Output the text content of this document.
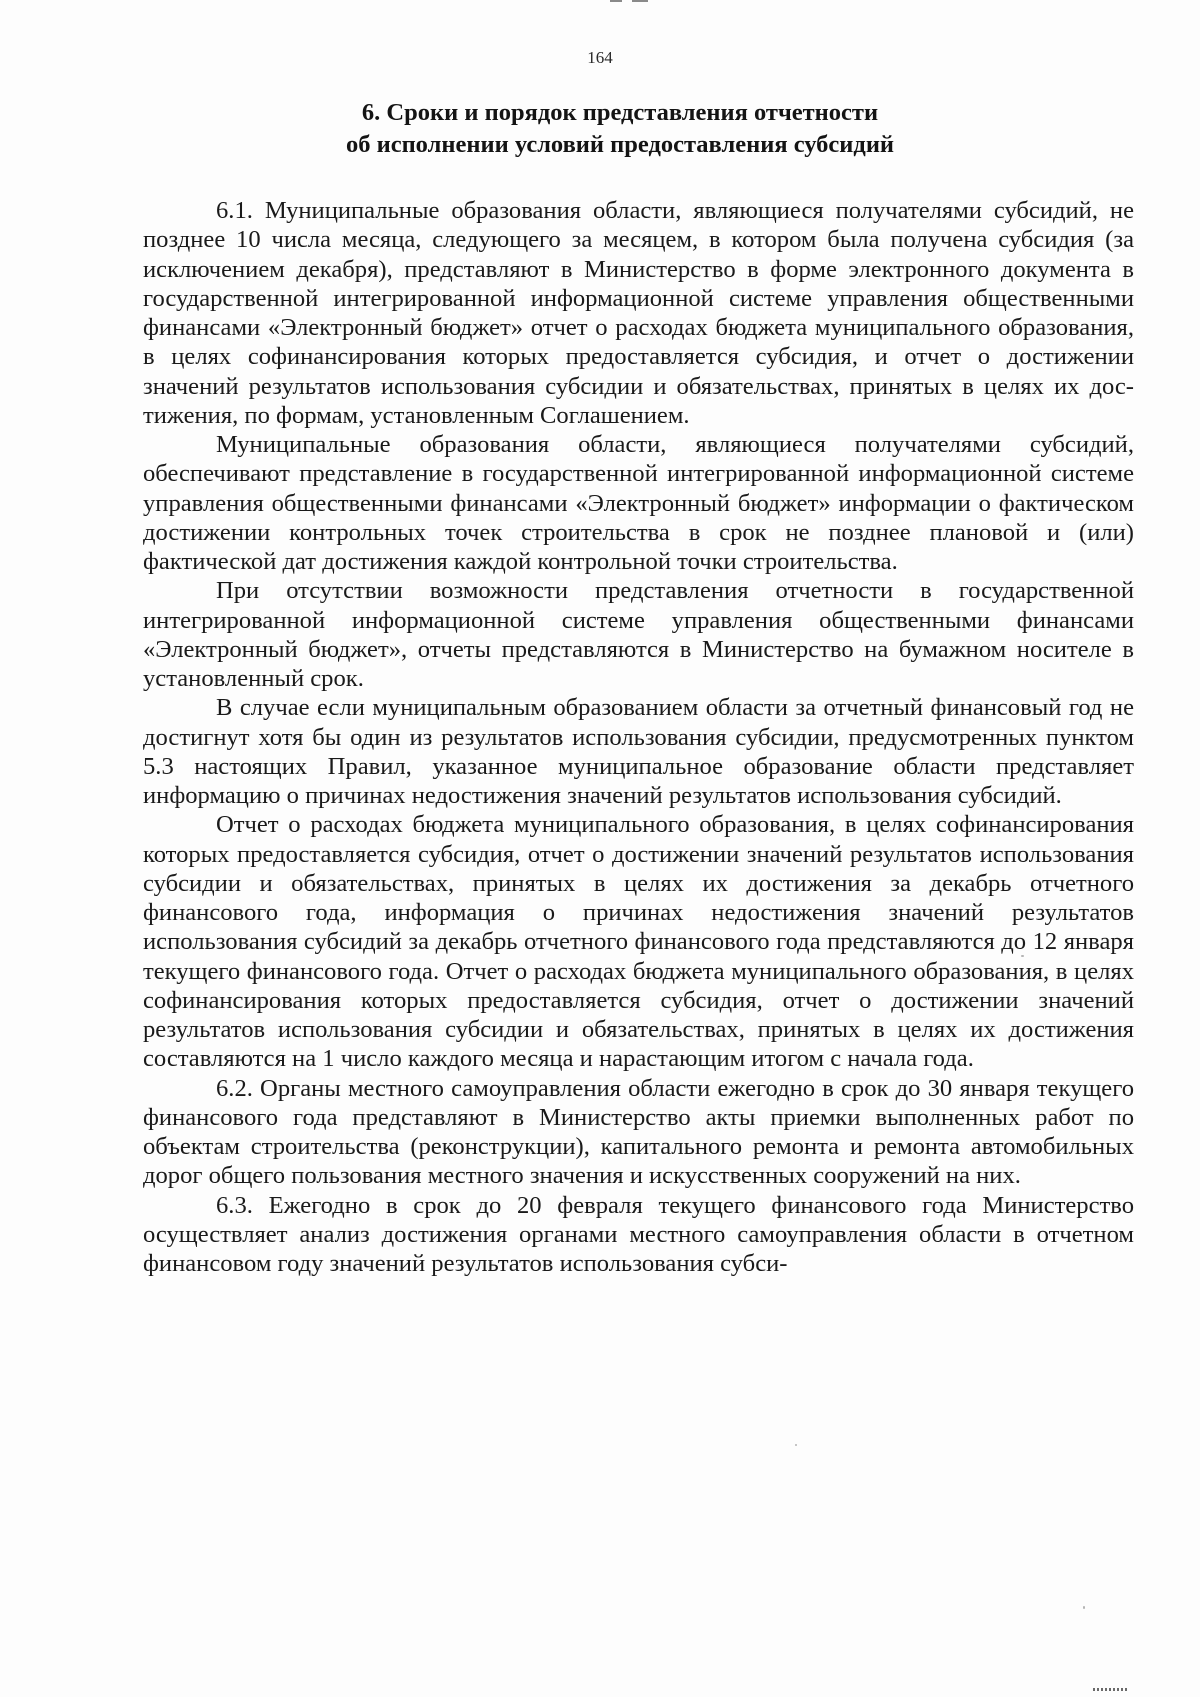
164
6. Сроки и порядок представления отчетности
об исполнении условий предоставления субсидий

6.1. Муниципальные образования области, являющиеся получателями субсидий, не позднее 10 числа месяца, следующего за месяцем, в котором была получена субсидия (за исключением декабря), представляют в Министерство в форме электронного документа в государственной интегрированной информационной системе управления общественными финансами «Электронный бюджет» отчет о расходах бюджета муниципального образования, в целях софинансирования которых предоставляется субсидия, и отчет о достижении значений результатов использования субсидии и обязательствах, принятых в целях их достижения, по формам, установленным Соглашением.

Муниципальные образования области, являющиеся получателями субсидий, обеспечивают представление в государственной интегрированной информационной системе управления общественными финансами «Электронный бюджет» информации о фактическом достижении контрольных точек строительства в срок не позднее плановой и (или) фактической дат достижения каждой контрольной точки строительства.

При отсутствии возможности представления отчетности в государственной интегрированной информационной системе управления общественными финансами «Электронный бюджет», отчеты представляются в Министерство на бумажном носителе в установленный срок.

В случае если муниципальным образованием области за отчетный финансовый год не достигнут хотя бы один из результатов использования субсидии, предусмотренных пунктом 5.3 настоящих Правил, указанное муниципальное образование области представляет информацию о причинах недостижения значений результатов использования субсидий.

Отчет о расходах бюджета муниципального образования, в целях софинансирования которых предоставляется субсидия, отчет о достижении значений результатов использования субсидии и обязательствах, принятых в целях их достижения за декабрь отчетного финансового года, информация о причинах недостижения значений результатов использования субсидий за декабрь отчетного финансового года представляются до 12 января текущего финансового года. Отчет о расходах бюджета муниципального образования, в целях софинансирования которых предоставляется субсидия, отчет о достижении значений результатов использования субсидии и обязательствах, принятых в целях их достижения составляются на 1 число каждого месяца и нарастающим итогом с начала года.

6.2. Органы местного самоуправления области ежегодно в срок до 30 января текущего финансового года представляют в Министерство акты приемки выполненных работ по объектам строительства (реконструкции), капитального ремонта и ремонта автомобильных дорог общего пользования местного значения и искусственных сооружений на них.

6.3. Ежегодно в срок до 20 февраля текущего финансового года Министерство осуществляет анализ достижения органами местного самоуправления области в отчетном финансовом году значений результатов использования субси-
